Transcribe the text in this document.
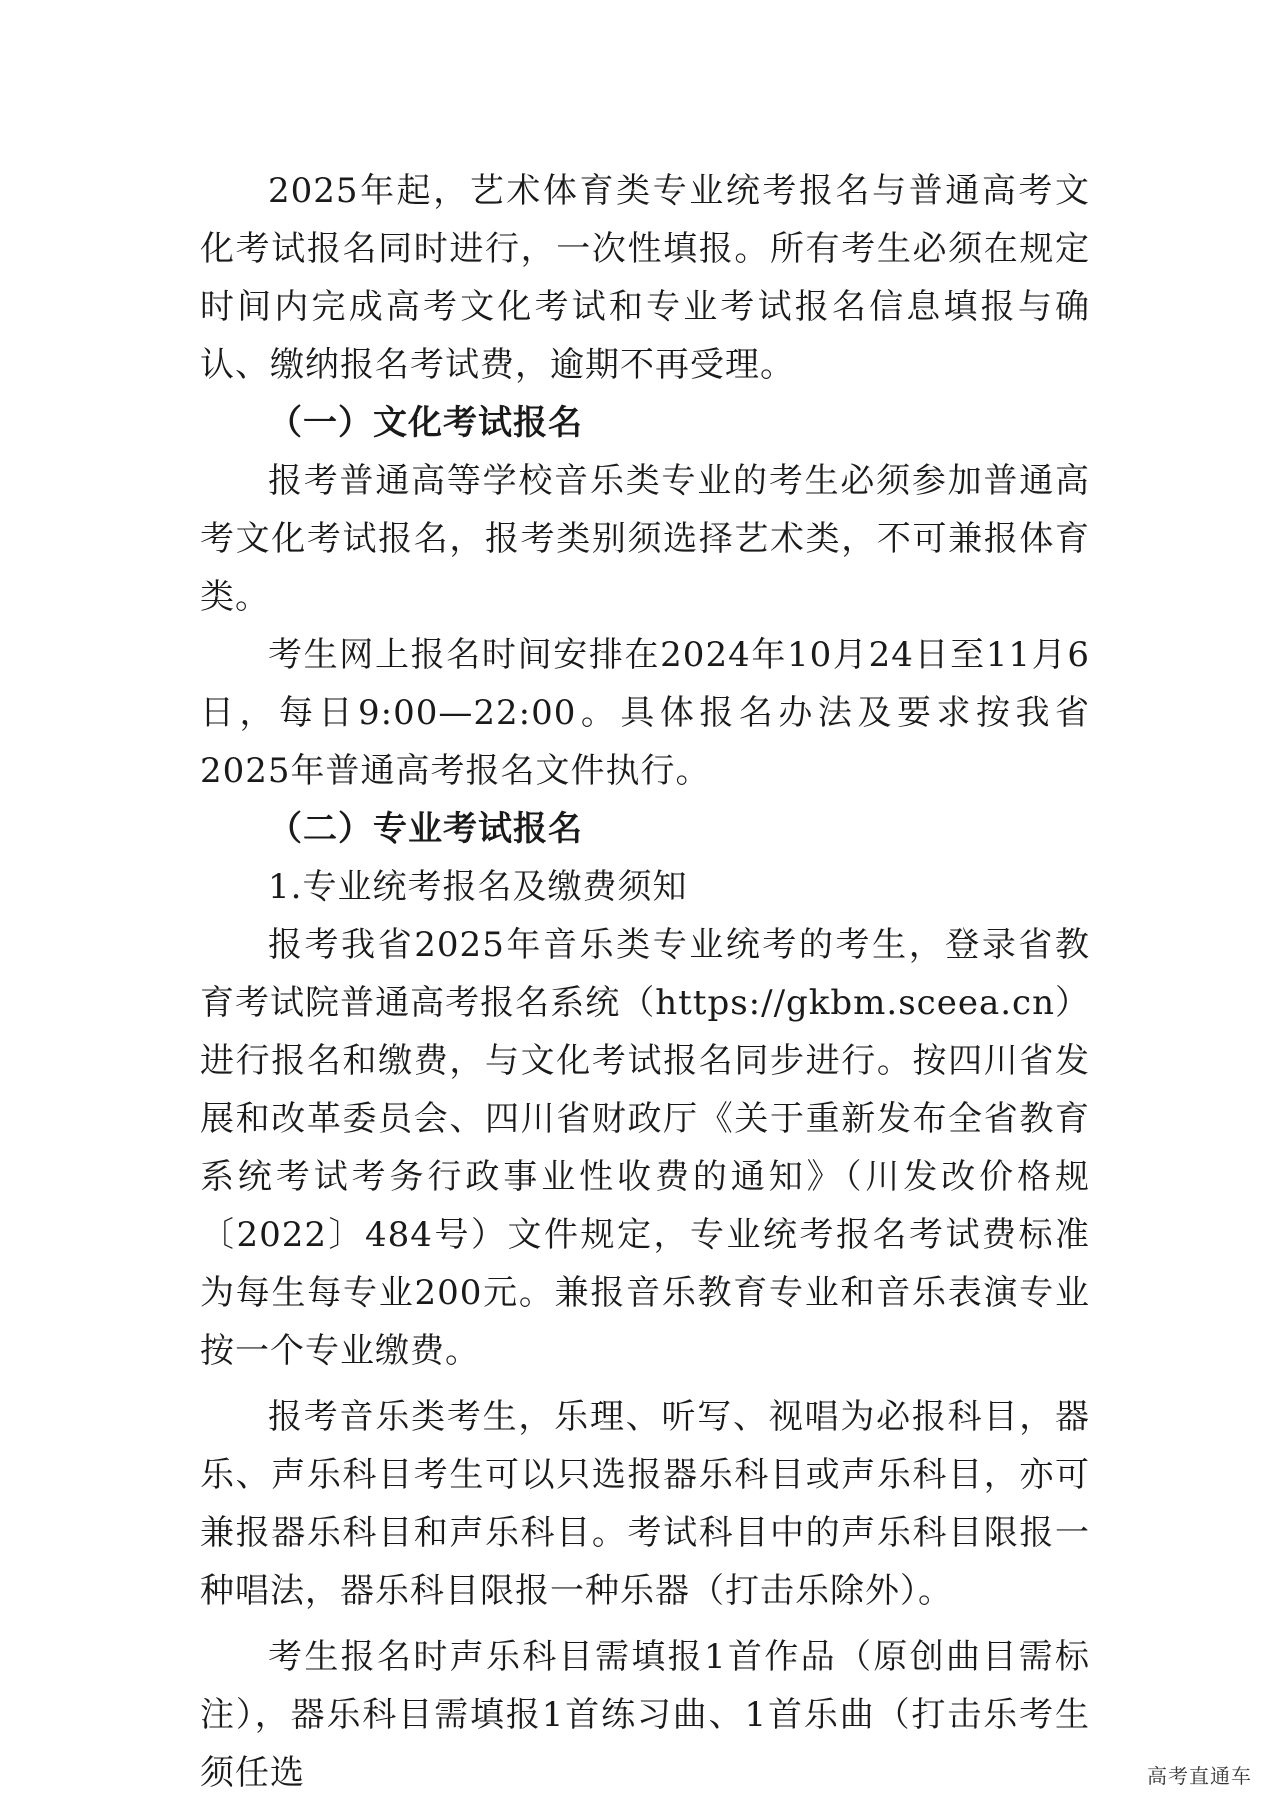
2025年起，艺术体育类专业统考报名与普通高考文化考试报名同时进行，一次性填报。所有考生必须在规定时间内完成高考文化考试和专业考试报名信息填报与确认、缴纳报名考试费，逾期不再受理。

（一）文化考试报名

报考普通高等学校音乐类专业的考生必须参加普通高考文化考试报名，报考类别须选择艺术类，不可兼报体育类。

考生网上报名时间安排在2024年10月24日至11月6日，每日9:00—22:00。具体报名办法及要求按我省2025年普通高考报名文件执行。

（二）专业考试报名

1.专业统考报名及缴费须知

报考我省2025年音乐类专业统考的考生，登录省教育考试院普通高考报名系统（https://gkbm.sceea.cn）进行报名和缴费，与文化考试报名同步进行。按四川省发展和改革委员会、四川省财政厅《关于重新发布全省教育系统考试考务行政事业性收费的通知》（川发改价格规〔2022〕484号）文件规定，专业统考报名考试费标准为每生每专业200元。兼报音乐教育专业和音乐表演专业按一个专业缴费。

报考音乐类考生，乐理、听写、视唱为必报科目，器乐、声乐科目考生可以只选报器乐科目或声乐科目，亦可兼报器乐科目和声乐科目。考试科目中的声乐科目限报一种唱法，器乐科目限报一种乐器（打击乐除外）。

考生报名时声乐科目需填报1首作品（原创曲目需标注），器乐科目需填报1首练习曲、1首乐曲（打击乐考生须任选	高考直通车
